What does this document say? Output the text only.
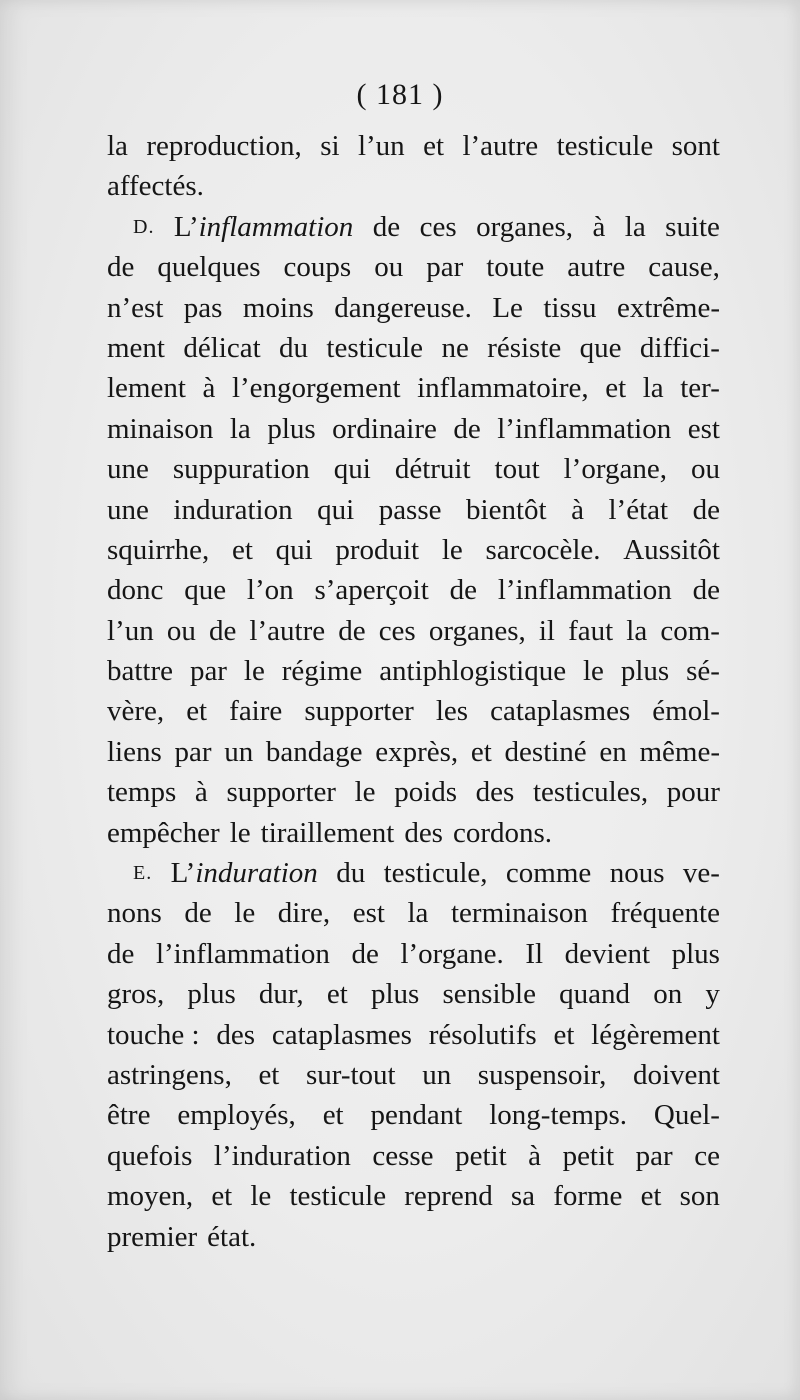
( 181 )
la reproduction, si l’un et l’autre testicule sont
affectés.
D. L’inflammation de ces organes, à la suite
de quelques coups ou par toute autre cause,
n’est pas moins dangereuse. Le tissu extrême-
ment délicat du testicule ne résiste que diffici-
lement à l’engorgement inflammatoire, et la ter-
minaison la plus ordinaire de l’inflammation est
une suppuration qui détruit tout l’organe, ou
une induration qui passe bientôt à l’état de
squirrhe, et qui produit le sarcocèle. Aussitôt
donc que l’on s’aperçoit de l’inflammation de
l’un ou de l’autre de ces organes, il faut la com-
battre par le régime antiphlogistique le plus sé-
vère, et faire supporter les cataplasmes émol-
liens par un bandage exprès, et destiné en même-
temps à supporter le poids des testicules, pour
empêcher le tiraillement des cordons.
E. L’induration du testicule, comme nous ve-
nons de le dire, est la terminaison fréquente
de l’inflammation de l’organe. Il devient plus
gros, plus dur, et plus sensible quand on y
touche : des cataplasmes résolutifs et légèrement
astringens, et sur-tout un suspensoir, doivent
être employés, et pendant long-temps. Quel-
quefois l’induration cesse petit à petit par ce
moyen, et le testicule reprend sa forme et son
premier état.
